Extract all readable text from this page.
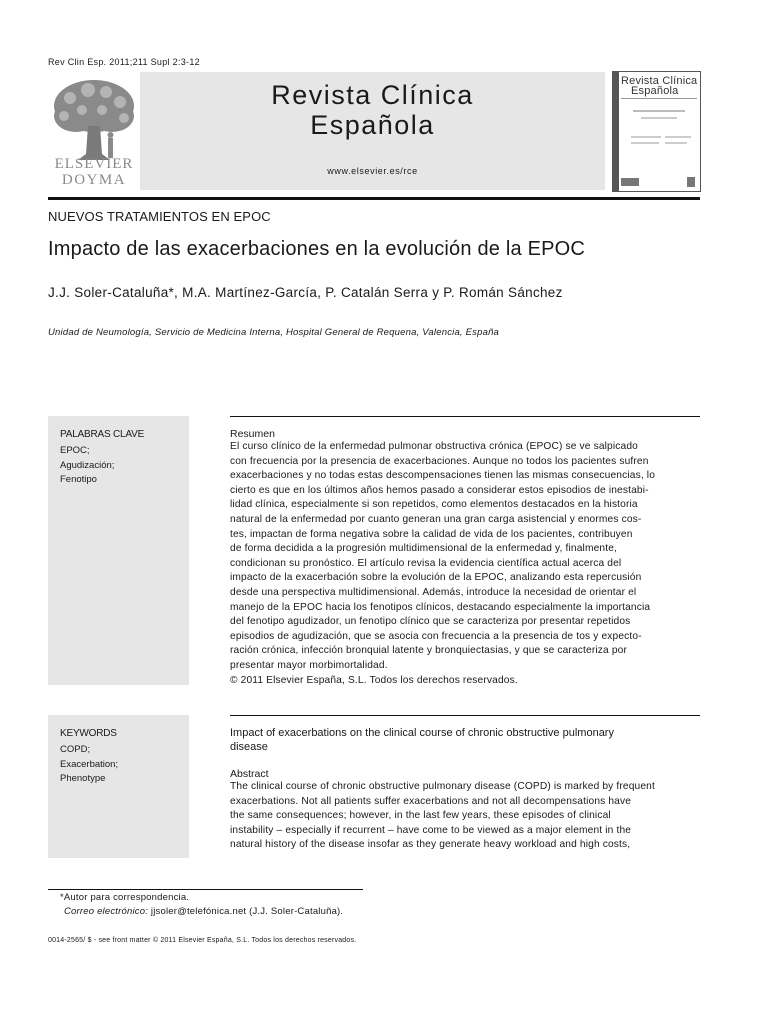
Rev Clin Esp. 2011;211 Supl 2:3-12
ELSEVIER
DOYMA
Revista Clínica
Española
www.elsevier.es/rce
Revista Clínica
Española
NUEVOS TRATAMIENTOS EN EPOC
Impacto de las exacerbaciones en la evolución de la EPOC
J.J. Soler-Cataluña*, M.A. Martínez-García, P. Catalán Serra y P. Román Sánchez
Unidad de Neumología, Servicio de Medicina Interna, Hospital General de Requena, Valencia, España
PALABRAS CLAVE
EPOC;
Agudización;
Fenotipo
Resumen
El curso clínico de la enfermedad pulmonar obstructiva crónica (EPOC) se ve salpicado
con frecuencia por la presencia de exacerbaciones. Aunque no todos los pacientes sufren
exacerbaciones y no todas estas descompensaciones tienen las mismas consecuencias, lo
cierto es que en los últimos años hemos pasado a considerar estos episodios de inestabi-
lidad clínica, especialmente si son repetidos, como elementos destacados en la historia
natural de la enfermedad por cuanto generan una gran carga asistencial y enormes cos-
tes, impactan de forma negativa sobre la calidad de vida de los pacientes, contribuyen
de forma decidida a la progresión multidimensional de la enfermedad y, finalmente,
condicionan su pronóstico. El artículo revisa la evidencia científica actual acerca del
impacto de la exacerbación sobre la evolución de la EPOC, analizando esta repercusión
desde una perspectiva multidimensional. Además, introduce la necesidad de orientar el
manejo de la EPOC hacia los fenotipos clínicos, destacando especialmente la importancia
del fenotipo agudizador, un fenotipo clínico que se caracteriza por presentar repetidos
episodios de agudización, que se asocia con frecuencia a la presencia de tos y expecto-
ración crónica, infección bronquial latente y bronquiectasias, y que se caracteriza por
presentar mayor morbimortalidad.
© 2011 Elsevier España, S.L. Todos los derechos reservados.
KEYWORDS
COPD;
Exacerbation;
Phenotype
Impact of exacerbations on the clinical course of chronic obstructive pulmonary
disease
Abstract
The clinical course of chronic obstructive pulmonary disease (COPD) is marked by frequent
exacerbations. Not all patients suffer exacerbations and not all decompensations have
the same consequences; however, in the last few years, these episodes of clinical
instability – especially if recurrent – have come to be viewed as a major element in the
natural history of the disease insofar as they generate heavy workload and high costs,
*Autor para correspondencia.
Correo electrónico: jjsoler@telefónica.net (J.J. Soler-Cataluña).
0014-2565/ $ - see front matter © 2011 Elsevier España, S.L. Todos los derechos reservados.
